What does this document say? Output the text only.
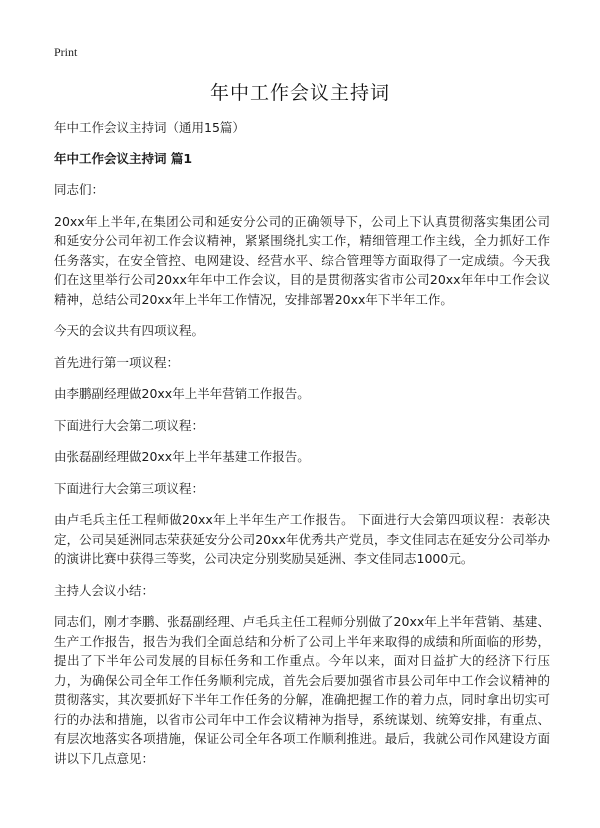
Print
年中工作会议主持词

年中工作会议主持词（通用15篇）

年中工作会议主持词 篇1

同志们：

20xx年上半年,在集团公司和延安分公司的正确领导下，公司上下认真贯彻落实集团公司和延安分公司年初工作会议精神，紧紧围绕扎实工作，精细管理工作主线，全力抓好工作任务落实，在安全管控、电网建设、经营水平、综合管理等方面取得了一定成绩。今天我们在这里举行公司20xx年年中工作会议，目的是贯彻落实省市公司20xx年年中工作会议精神，总结公司20xx年上半年工作情况，安排部署20xx年下半年工作。

今天的会议共有四项议程。

首先进行第一项议程：

由李鹏副经理做20xx年上半年营销工作报告。

下面进行大会第二项议程：

由张磊副经理做20xx年上半年基建工作报告。

下面进行大会第三项议程：

由卢毛兵主任工程师做20xx年上半年生产工作报告。 下面进行大会第四项议程：表彰决定，公司吴延洲同志荣获延安分公司20xx年优秀共产党员，李文佳同志在延安分公司举办的演讲比赛中获得三等奖，公司决定分别奖励吴延洲、李文佳同志1000元。

主持人会议小结：

同志们，刚才李鹏、张磊副经理、卢毛兵主任工程师分别做了20xx年上半年营销、基建、生产工作报告，报告为我们全面总结和分析了公司上半年来取得的成绩和所面临的形势，提出了下半年公司发展的目标任务和工作重点。今年以来，面对日益扩大的经济下行压力，为确保公司全年工作任务顺利完成，首先会后要加强省市县公司年中工作会议精神的贯彻落实，其次要抓好下半年工作任务的分解，准确把握工作的着力点，同时拿出切实可行的办法和措施，以省市公司年中工作会议精神为指导，系统谋划、统筹安排，有重点、有层次地落实各项措施，保证公司全年各项工作顺利推进。最后，我就公司作风建设方面讲以下几点意见：
